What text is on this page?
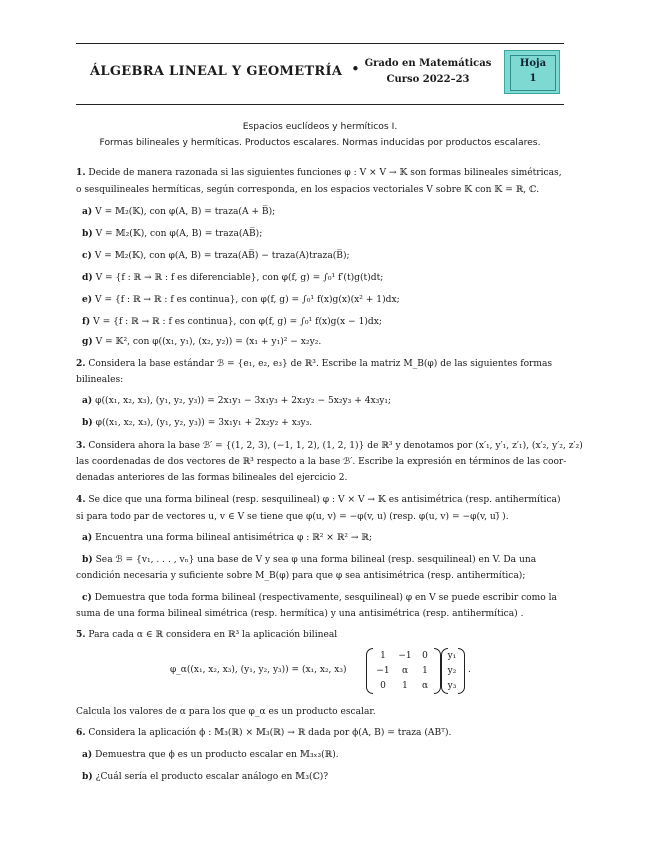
ÁLGEBRA LINEAL Y GEOMETRÍA • Grado en Matemáticas
Curso 2022–23
Hoja
1
Espacios euclídeos y hermíticos I.
Formas bilineales y hermíticas. Productos escalares. Normas inducidas por productos escalares.
1. Decide de manera razonada si las siguientes funciones φ : V × V → 𝕂 son formas bilineales simétricas,
o sesquilineales hermíticas, según corresponda, en los espacios vectoriales V sobre 𝕂 con 𝕂 = ℝ, ℂ.
a) V = 𝕄₂(𝕂), con φ(A, B) = traza(A + B̅);
b) V = 𝕄₂(𝕂), con φ(A, B) = traza(AB̅);
c) V = 𝕄₂(𝕂), con φ(A, B) = traza(AB̅) − traza(A)traza(B̅);
d) V = {f : ℝ → ℝ : f es diferenciable}, con φ(f, g) = ∫₀¹ f′(t)g(t)dt;
e) V = {f : ℝ → ℝ : f es continua}, con φ(f, g) = ∫₀¹ f(x)g(x)(x² + 1)dx;
f) V = {f : ℝ → ℝ : f es continua}, con φ(f, g) = ∫₀¹ f(x)g(x − 1)dx;
g) V = 𝕂², con φ((x₁, y₁), (x₂, y₂)) = (x₁ + y₁)² − x₂y₂.
2. Considera la base estándar ℬ = {e₁, e₂, e₃} de ℝ³. Escribe la matriz M_B(φ) de las siguientes formas
bilineales:
a) φ((x₁, x₂, x₃), (y₁, y₂, y₃)) = 2x₁y₁ − 3x₁y₃ + 2x₂y₂ − 5x₂y₃ + 4x₃y₁;
b) φ((x₁, x₂, x₃), (y₁, y₂, y₃)) = 3x₁y₁ + 2x₂y₂ + x₃y₃.
3. Considera ahora la base ℬ′ = {(1, 2, 3), (−1, 1, 2), (1, 2, 1)} de ℝ³ y denotamos por (x′₁, y′₁, z′₁), (x′₂, y′₂, z′₂)
las coordenadas de dos vectores de ℝ³ respecto a la base ℬ′. Escribe la expresión en términos de las coor-
denadas anteriores de las formas bilineales del ejercicio 2.
4. Se dice que una forma bilineal (resp. sesquilineal) φ : V × V → 𝕂 es antisimétrica (resp. antihermítica)
si para todo par de vectores u, v ∈ V se tiene que φ(u, v) = −φ(v, u) (resp. φ(u, v) = −φ(v, u)̅ ).
a) Encuentra una forma bilineal antisimétrica φ : ℝ² × ℝ² → ℝ;
b) Sea ℬ = {v₁, . . . , vₙ} una base de V y sea φ una forma bilineal (resp. sesquilineal) en V. Da una
condición necesaria y suficiente sobre M_B(φ) para que φ sea antisimétrica (resp. antihermítica);
c) Demuestra que toda forma bilineal (respectivamente, sesquilineal) φ en V se puede escribir como la
suma de una forma bilineal simétrica (resp. hermítica) y una antisimétrica (resp. antihermítica) .
5. Para cada α ∈ ℝ considera en ℝ³ la aplicación bilineal
φ_α((x₁, x₂, x₃), (y₁, y₂, y₃)) = (x₁, x₂, x₃)
1	−1	0
−1	α	1
0	1	α
y₁
y₂
y₃
.
Calcula los valores de α para los que φ_α es un producto escalar.
6. Considera la aplicación ϕ : 𝕄₃(ℝ) × 𝕄₃(ℝ) → ℝ dada por ϕ(A, B) = traza (ABᵀ).
a) Demuestra que ϕ es un producto escalar en 𝕄₃ₓ₃(ℝ).
b) ¿Cuál sería el producto escalar análogo en 𝕄₃(ℂ)?
